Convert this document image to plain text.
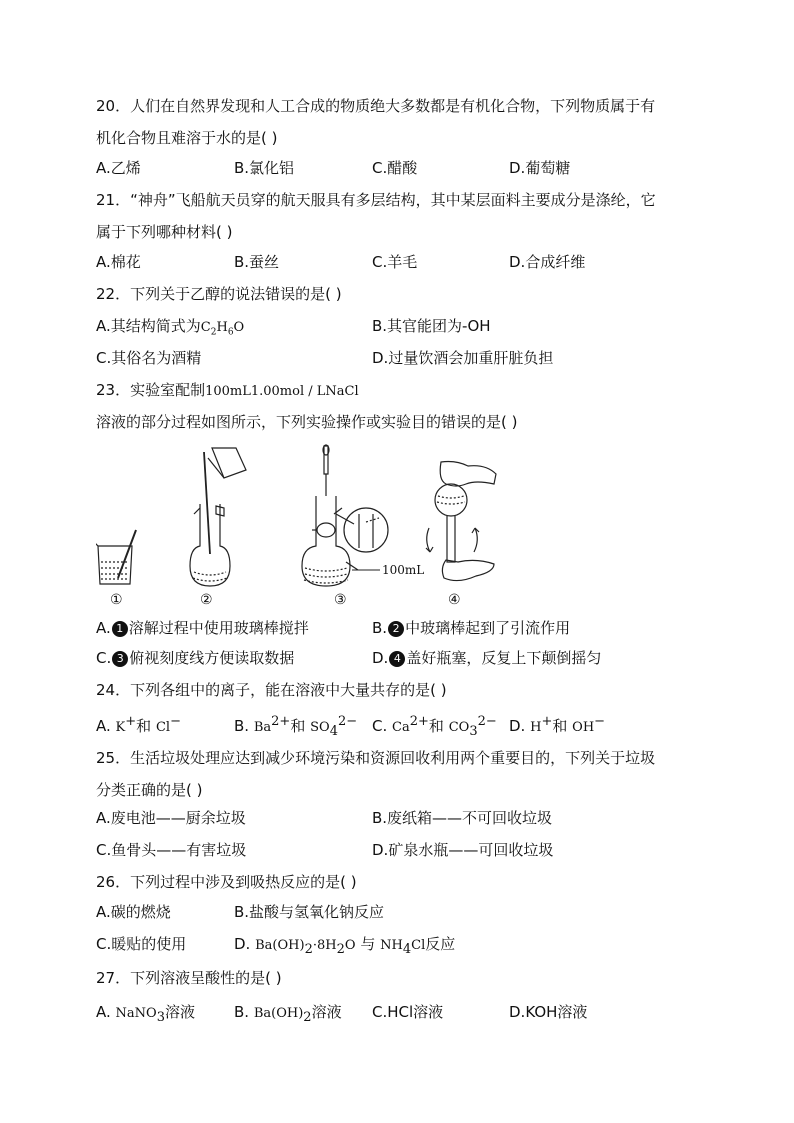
20．人们在自然界发现和人工合成的物质绝大多数都是有机化合物，下列物质属于有
机化合物且难溶于水的是( )
A.乙烯	B.氯化铝	C.醋酸	D.葡萄糖
21．“神舟”飞船航天员穿的航天服具有多层结构，其中某层面料主要成分是涤纶，它
属于下列哪种材料( )
A.棉花	B.蚕丝	C.羊毛	D.合成纤维
22．下列关于乙醇的说法错误的是( )
A.其结构简式为$C_2H_6O$	B.其官能团为-OH
C.其俗名为酒精	D.过量饮酒会加重肝脏负担
23．实验室配制100mL1.00mol / LNaCl
溶液的部分过程如图所示，下列实验操作或实验目的错误的是( )
100mL
①	②	③	④
A. 1 溶解过程中使用玻璃棒搅拌	B. 2 中玻璃棒起到了引流作用
C. 3 俯视刻度线方便读取数据	D. 4 盖好瓶塞，反复上下颠倒摇匀
24．下列各组中的离子，能在溶液中大量共存的是( )
A. K+和 Cl−	B. $Ba^{2+}$和 $SO_4^{2-}$ C. $Ca^{2+}$和 $CO_3^{2-}$ D. H+和 OH−
25．生活垃圾处理应达到减少环境污染和资源回收利用两个重要目的，下列关于垃圾
分类正确的是( )
A.废电池——厨余垃圾	B.废纸箱——不可回收垃圾
C.鱼骨头——有害垃圾	D.矿泉水瓶——可回收垃圾
26．下列过程中涉及到吸热反应的是( )
A.碳的燃烧	B.盐酸与氢氧化钠反应
C.暖贴的使用	D. $Ba(OH)_2\cdot 8H_2O$ 与 $NH_4Cl$反应
27．下列溶液呈酸性的是( )
A. NaNO$_3$溶液	B. $Ba(OH)_2$溶液 C.HCl溶液	D.KOH溶液
